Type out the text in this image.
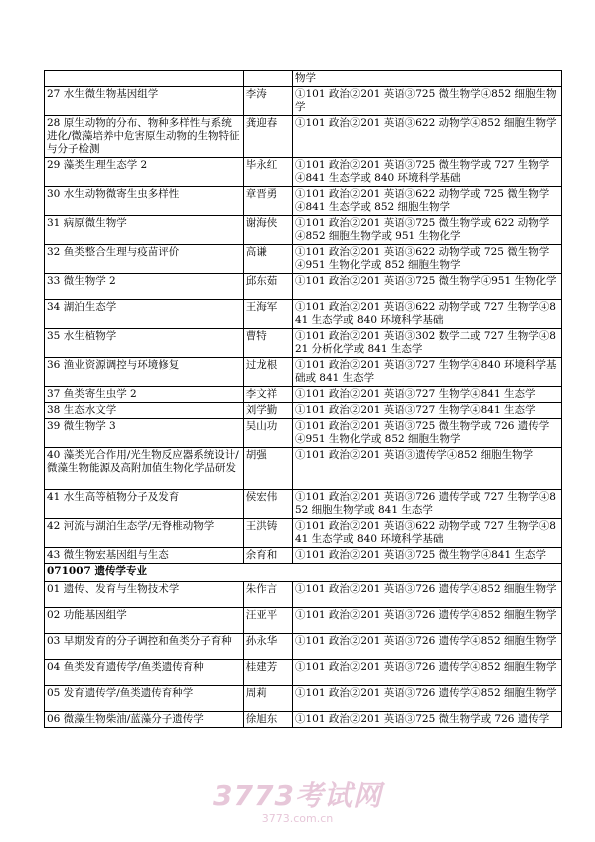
		物学
27 水生微生物基因组学	李涛	①101 政治②201 英语③725 微生物学④852 细胞生物学
28 原生动物的分布、物种多样性与系统进化/微藻培养中危害原生动物的生物特征与分子检测	龚迎春	①101 政治②201 英语③622 动物学④852 细胞生物学
29 藻类生理生态学 2	毕永红	①101 政治②201 英语③725 微生物学或 727 生物学④841 生态学或 840 环境科学基础
30 水生动物微寄生虫多样性	章晋勇	①101 政治②201 英语③622 动物学或 725 微生物学④841 生态学或 852 细胞生物学
31 病原微生物学	谢海侠	①101 政治②201 英语③725 微生物学或 622 动物学④852 细胞生物学或 951 生物化学
32 鱼类整合生理与疫苗评价	高谦	①101 政治②201 英语③622 动物学或 725 微生物学④951 生物化学或 852 细胞生物学
33 微生物学 2	邱东茹	①101 政治②201 英语③725 微生物学④951 生物化学
34 湖泊生态学	王海军	①101 政治②201 英语③622 动物学或 727 生物学④841 生态学或 840 环境科学基础
35 水生植物学	曹特	①101 政治②201 英语③302 数学二或 727 生物学④821 分析化学或 841 生态学
36 渔业资源调控与环境修复	过龙根	①101 政治②201 英语③727 生物学④840 环境科学基础或 841 生态学
37 鱼类寄生虫学 2	李文祥	①101 政治②201 英语③727 生物学④841 生态学
38 生态水文学	刘学勤	①101 政治②201 英语③727 生物学④841 生态学
39 微生物学 3	吴山功	①101 政治②201 英语③725 微生物学或 726 遗传学④951 生物化学或 852 细胞生物学
40 藻类光合作用/光生物反应器系统设计/微藻生物能源及高附加值生物化学品研发	胡强	①101 政治②201 英语③遗传学④852 细胞生物学
41 水生高等植物分子及发育	侯宏伟	①101 政治②201 英语③726 遗传学或 727 生物学④852 细胞生物学或 841 生态学
42 河流与湖泊生态学/无脊椎动物学	王洪铸	①101 政治②201 英语③622 动物学或 727 生物学④841 生态学或 840 环境科学基础
43 微生物宏基因组与生态	余育和	①101 政治②201 英语③725 微生物学④841 生态学
071007 遗传学专业		
01 遗传、发育与生物技术学	朱作言	①101 政治②201 英语③726 遗传学④852 细胞生物学
02 功能基因组学	汪亚平	①101 政治②201 英语③726 遗传学④852 细胞生物学
03 早期发育的分子调控和鱼类分子育种	孙永华	①101 政治②201 英语③726 遗传学④852 细胞生物学
04 鱼类发育遗传学/鱼类遗传育种	桂建芳	①101 政治②201 英语③726 遗传学④852 细胞生物学
05 发育遗传学/鱼类遗传育种学	周莉	①101 政治②201 英语③726 遗传学④852 细胞生物学
06 微藻生物柴油/蓝藻分子遗传学	徐旭东	①101 政治②201 英语③725 微生物学或 726 遗传学
3773考试网
3773.com.cn
